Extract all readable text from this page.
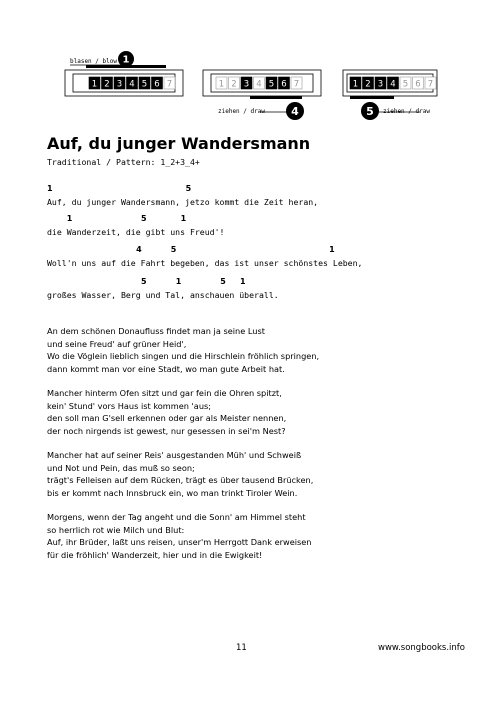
blasen / blow 1
1 2 3 4 5 6 7	1 2 3 4 5 6 7
4
ziehen / draw
1 2 3 4 5 6 7
5 ziehen / draw
Auf, du junger Wandersmann
Traditional / Pattern: 1_2+3_4+
1	5
Auf, du junger Wandersmann, jetzo kommt die Zeit heran,
1	5	1
die Wanderzeit, die gibt uns Freud'!
4	5	1
Woll'n uns auf die Fahrt begeben, das ist unser schönstes Leben,
5	1	5 1
großes Wasser, Berg und Tal, anschauen überall.
An dem schönen Donaufluss findet man ja seine Lust
und seine Freud' auf grüner Heid',
Wo die Vöglein lieblich singen und die Hirschlein fröhlich springen,
dann kommt man vor eine Stadt, wo man gute Arbeit hat.
Mancher hinterm Ofen sitzt und gar fein die Ohren spitzt,
kein' Stund' vors Haus ist kommen 'aus;
den soll man G'sell erkennen oder gar als Meister nennen,
der noch nirgends ist gewest, nur gesessen in sei'm Nest?
Mancher hat auf seiner Reis' ausgestanden Müh' und Schweiß
und Not und Pein, das muß so seon;
trägt's Felleisen auf dem Rücken, trägt es über tausend Brücken,
bis er kommt nach Innsbruck ein, wo man trinkt Tiroler Wein.
Morgens, wenn der Tag angeht und die Sonn' am Himmel steht
so herrlich rot wie Milch und Blut:
Auf, ihr Brüder, laßt uns reisen, unser'm Herrgott Dank erweisen
für die fröhlich' Wanderzeit, hier und in die Ewigkeit!
11	www.songbooks.info
